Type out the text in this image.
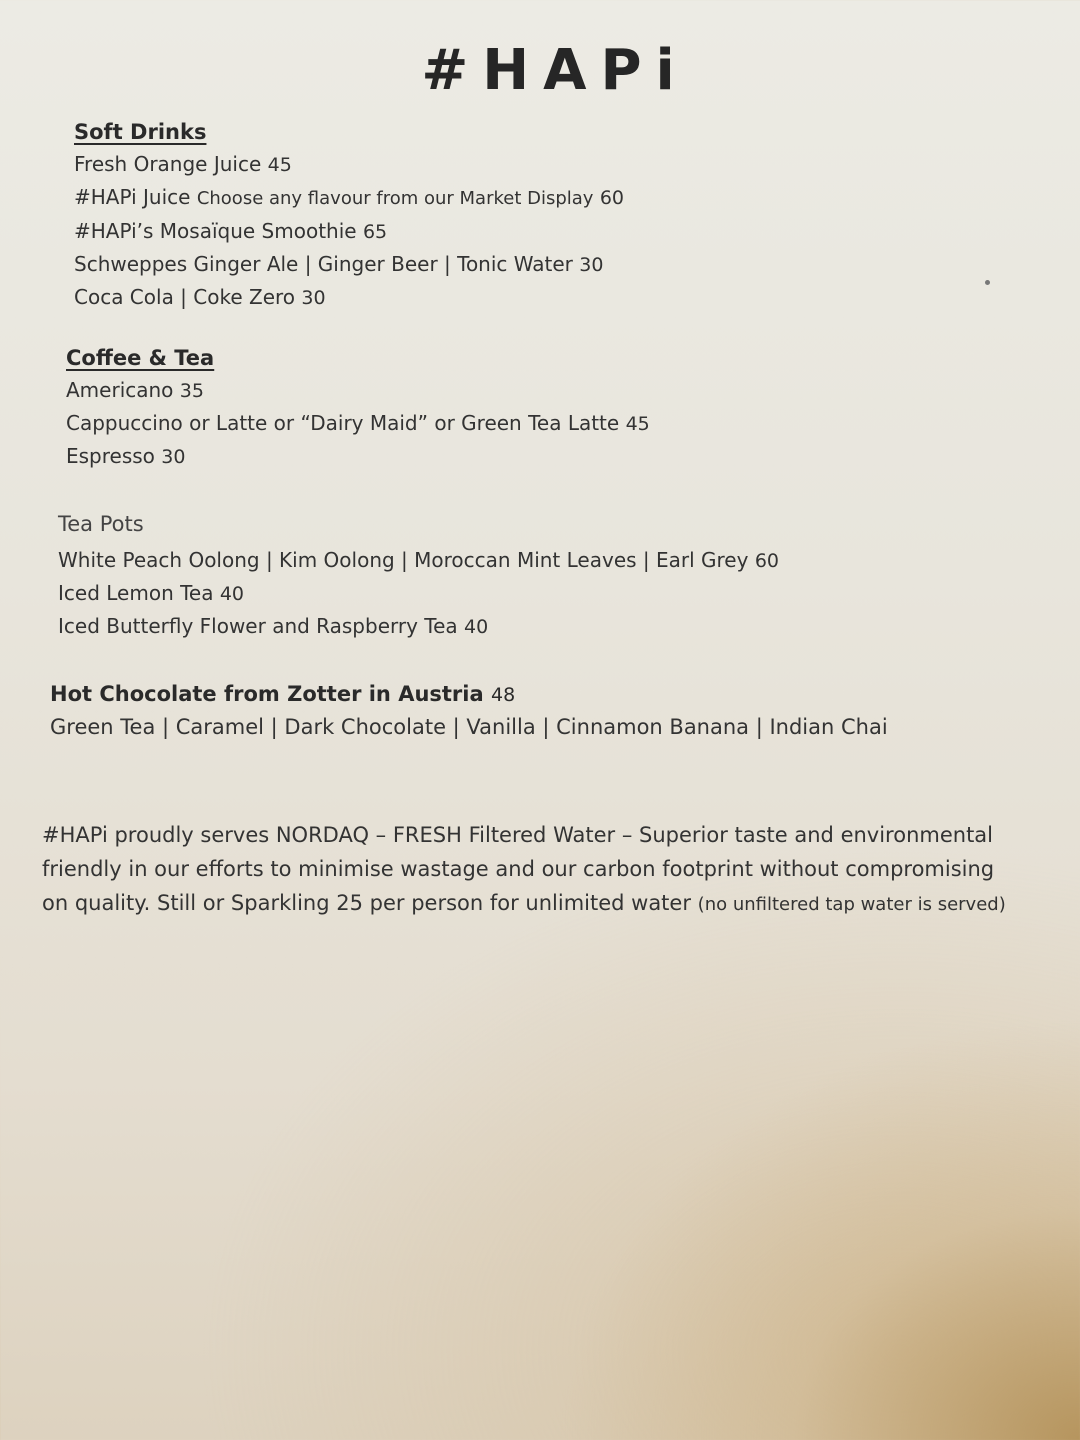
#HAPi
Soft Drinks
Fresh Orange Juice 45
#HAPi Juice Choose any flavour from our Market Display 60
#HAPi’s Mosaïque Smoothie 65
Schweppes Ginger Ale | Ginger Beer | Tonic Water 30
Coca Cola | Coke Zero 30
Coffee & Tea
Americano 35
Cappuccino or Latte or “Dairy Maid” or Green Tea Latte 45
Espresso 30
Tea Pots
White Peach Oolong | Kim Oolong | Moroccan Mint Leaves | Earl Grey 60
Iced Lemon Tea 40
Iced Butterfly Flower and Raspberry Tea 40
Hot Chocolate from Zotter in Austria 48
Green Tea | Caramel | Dark Chocolate | Vanilla | Cinnamon Banana | Indian Chai
#HAPi proudly serves NORDAQ – FRESH Filtered Water – Superior taste and environmental
friendly in our efforts to minimise wastage and our carbon footprint without compromising
on quality. Still or Sparkling 25 per person for unlimited water (no unfiltered tap water is served)
